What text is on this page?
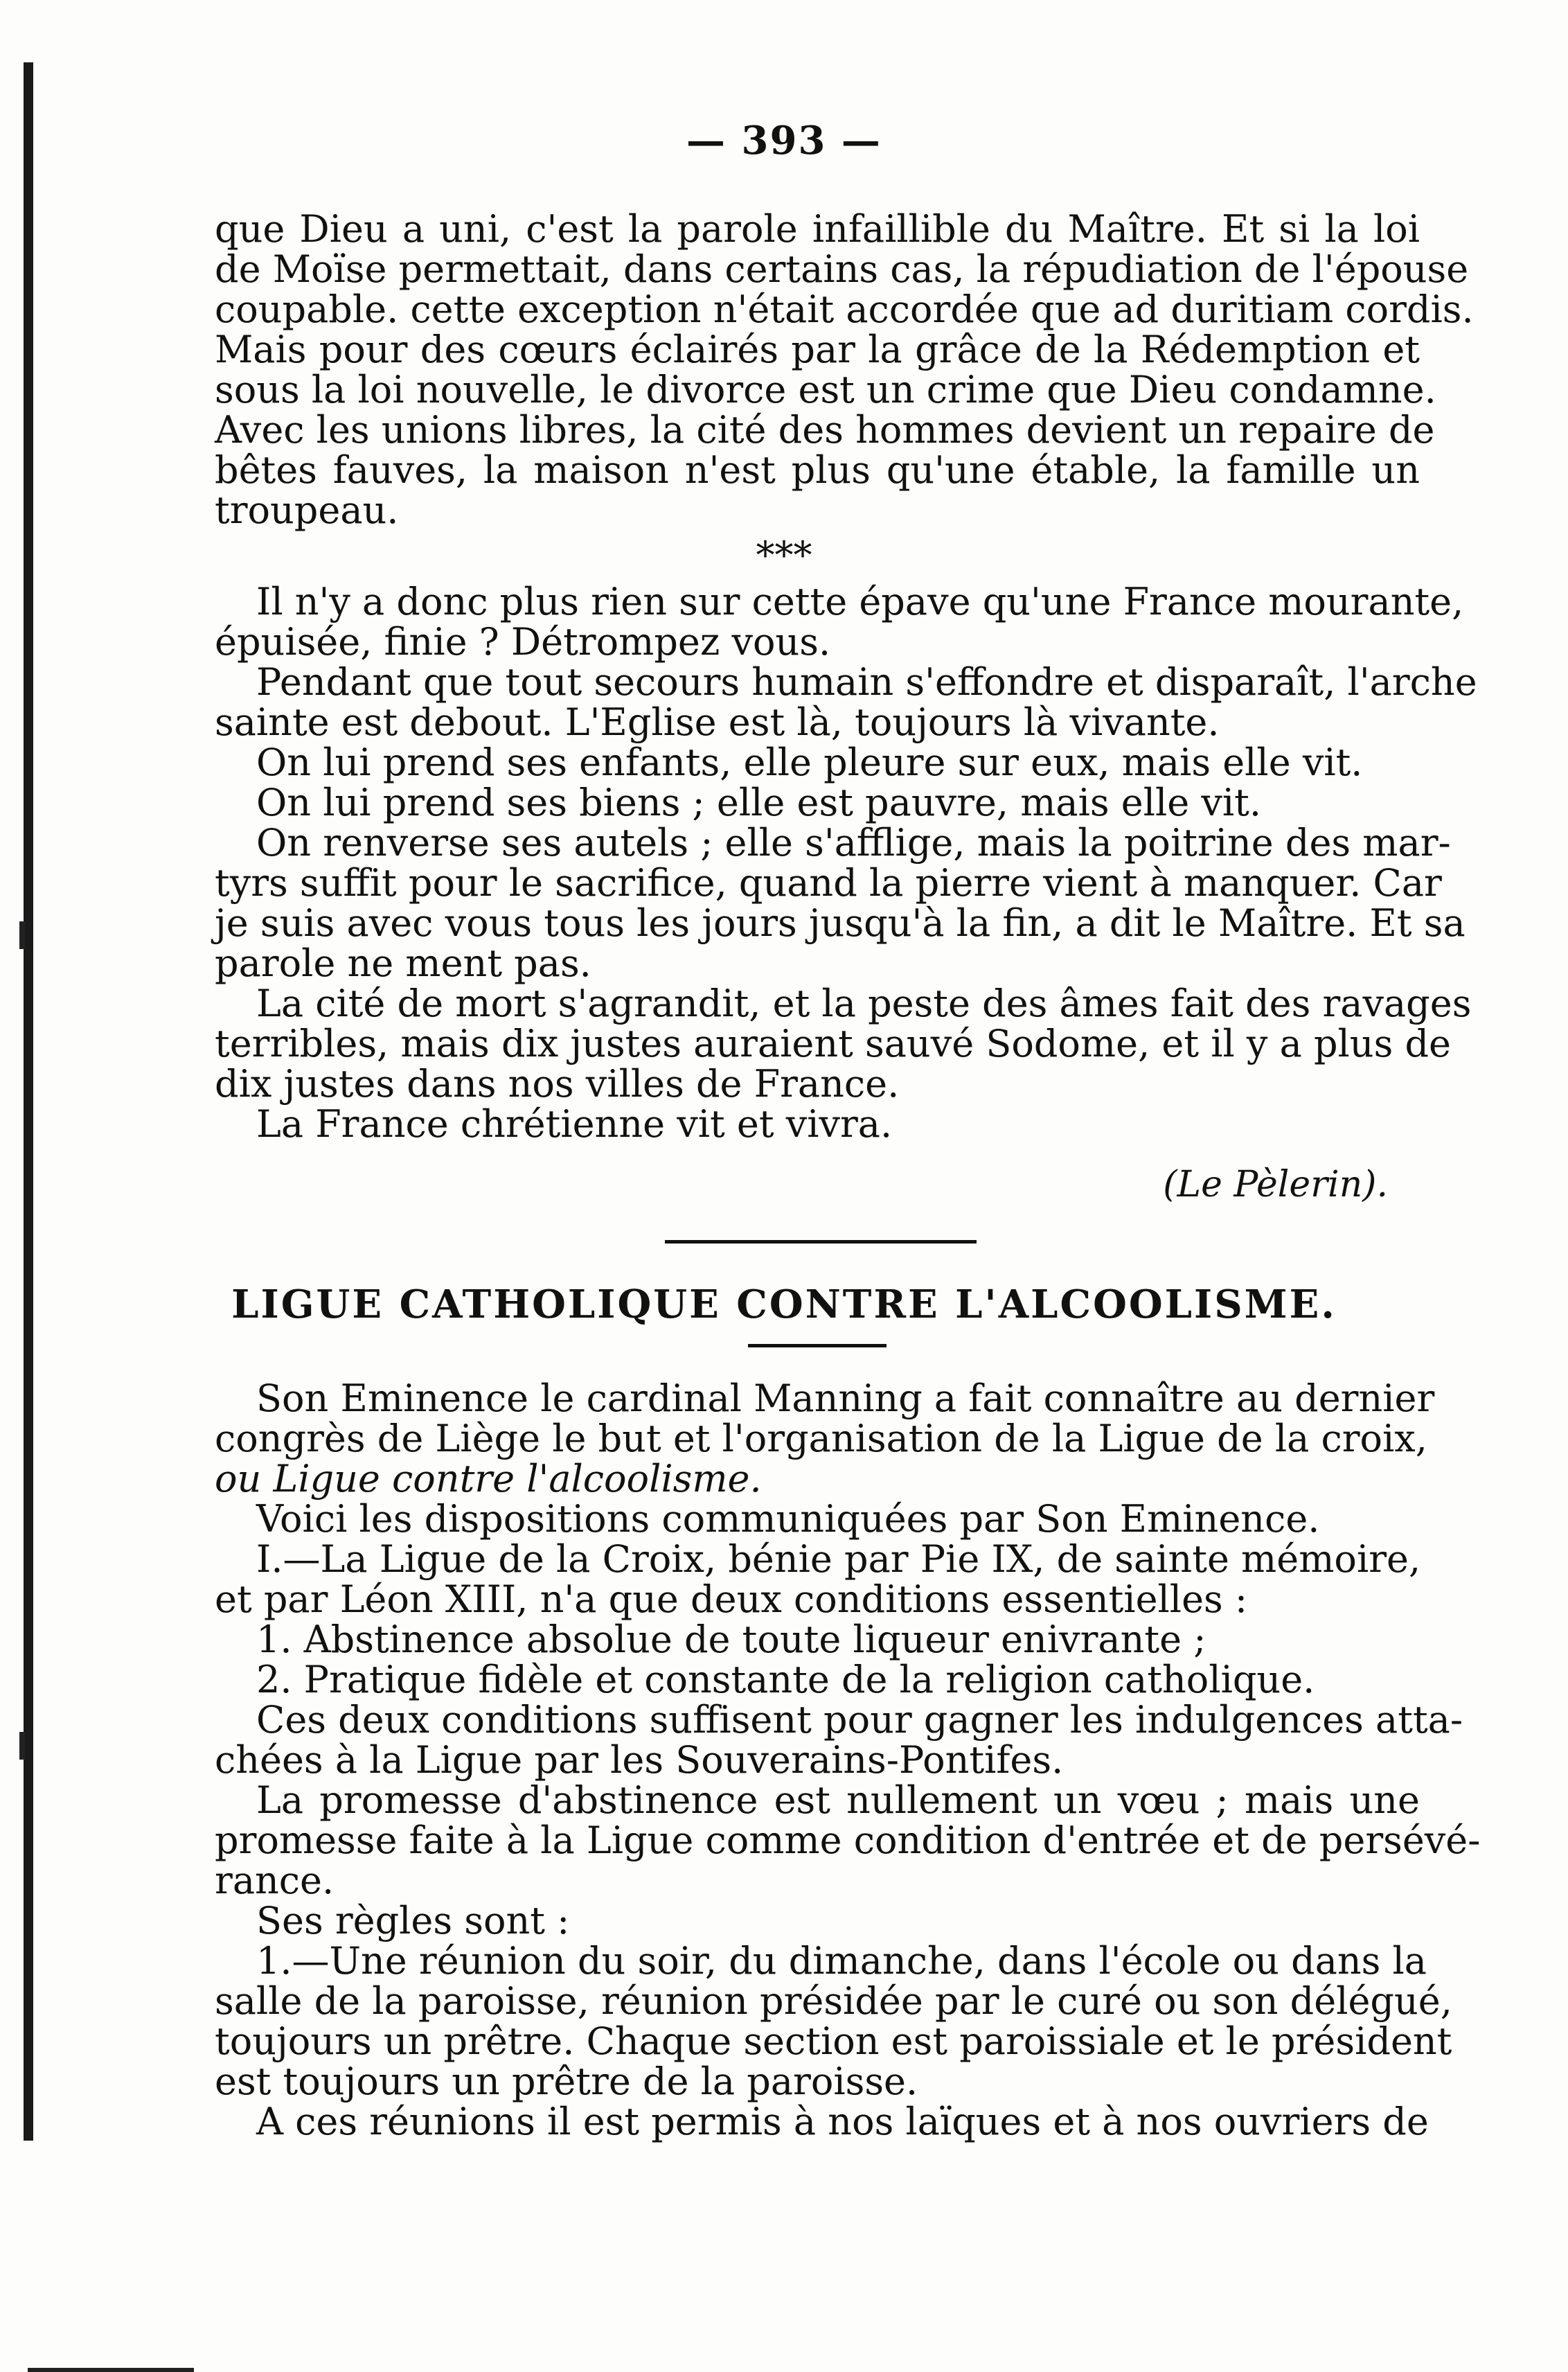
— 393 —
que Dieu a uni, c'est la parole infaillible du Maître. Et si la loi
de Moïse permettait, dans certains cas, la répudiation de l'épouse
coupable. cette exception n'était accordée que ad duritiam cordis.
Mais pour des cœurs éclairés par la grâce de la Rédemption et
sous la loi nouvelle, le divorce est un crime que Dieu condamne.
Avec les unions libres, la cité des hommes devient un repaire de
bêtes fauves, la maison n'est plus qu'une étable, la famille un
troupeau.
***
Il n'y a donc plus rien sur cette épave qu'une France mourante,
épuisée, finie ? Détrompez vous.
Pendant que tout secours humain s'effondre et disparaît, l'arche
sainte est debout. L'Eglise est là, toujours là vivante.
On lui prend ses enfants, elle pleure sur eux, mais elle vit.
On lui prend ses biens ; elle est pauvre, mais elle vit.
On renverse ses autels ; elle s'afflige, mais la poitrine des mar-
tyrs suffit pour le sacrifice, quand la pierre vient à manquer. Car
je suis avec vous tous les jours jusqu'à la fin, a dit le Maître. Et sa
parole ne ment pas.
La cité de mort s'agrandit, et la peste des âmes fait des ravages
terribles, mais dix justes auraient sauvé Sodome, et il y a plus de
dix justes dans nos villes de France.
La France chrétienne vit et vivra.
(Le Pèlerin).
LIGUE CATHOLIQUE CONTRE L'ALCOOLISME.
Son Eminence le cardinal Manning a fait connaître au dernier
congrès de Liège le but et l'organisation de la Ligue de la croix,
ou Ligue contre l'alcoolisme.
Voici les dispositions communiquées par Son Eminence.
I.—La Ligue de la Croix, bénie par Pie IX, de sainte mémoire,
et par Léon XIII, n'a que deux conditions essentielles :
1. Abstinence absolue de toute liqueur enivrante ;
2. Pratique fidèle et constante de la religion catholique.
Ces deux conditions suffisent pour gagner les indulgences atta-
chées à la Ligue par les Souverains-Pontifes.
La promesse d'abstinence est nullement un vœu ; mais une
promesse faite à la Ligue comme condition d'entrée et de persévé-
rance.
Ses règles sont :
1.—Une réunion du soir, du dimanche, dans l'école ou dans la
salle de la paroisse, réunion présidée par le curé ou son délégué,
toujours un prêtre. Chaque section est paroissiale et le président
est toujours un prêtre de la paroisse.
A ces réunions il est permis à nos laïques et à nos ouvriers de
